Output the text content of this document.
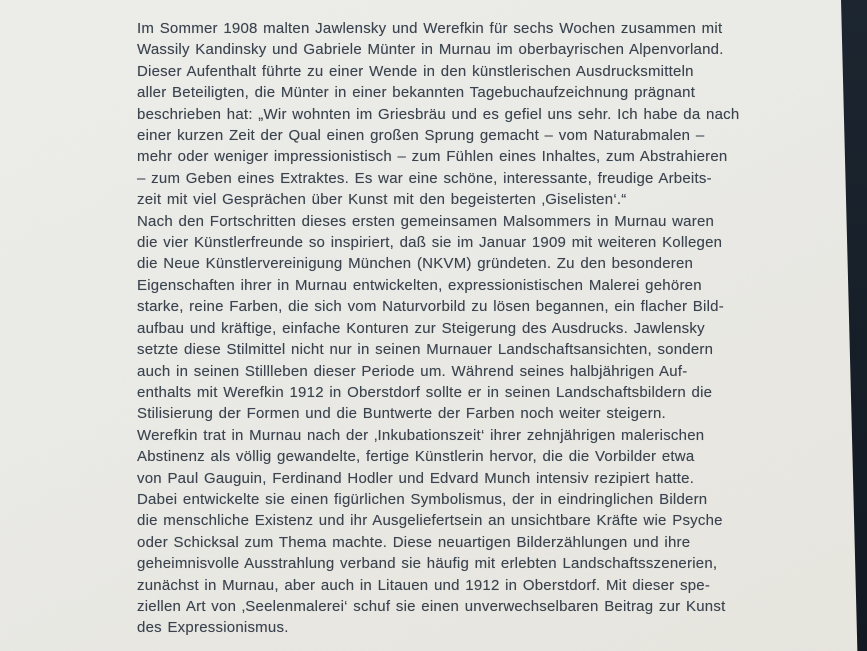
Im Sommer 1908 malten Jawlensky und Werefkin für sechs Wochen zusammen mit
Wassily Kandinsky und Gabriele Münter in Murnau im oberbayrischen Alpenvorland.
Dieser Aufenthalt führte zu einer Wende in den künstlerischen Ausdrucksmitteln
aller Beteiligten, die Münter in einer bekannten Tagebuchaufzeichnung prägnant
beschrieben hat: „Wir wohnten im Griesbräu und es gefiel uns sehr. Ich habe da nach
einer kurzen Zeit der Qual einen großen Sprung gemacht – vom Naturabmalen –
mehr oder weniger impressionistisch – zum Fühlen eines Inhaltes, zum Abstrahieren
– zum Geben eines Extraktes. Es war eine schöne, interessante, freudige Arbeits-
zeit mit viel Gesprächen über Kunst mit den begeisterten ‚Giselisten‘.“
Nach den Fortschritten dieses ersten gemeinsamen Malsommers in Murnau waren
die vier Künstlerfreunde so inspiriert, daß sie im Januar 1909 mit weiteren Kollegen
die Neue Künstlervereinigung München (NKVM) gründeten. Zu den besonderen
Eigenschaften ihrer in Murnau entwickelten, expressionistischen Malerei gehören
starke, reine Farben, die sich vom Naturvorbild zu lösen begannen, ein flacher Bild-
aufbau und kräftige, einfache Konturen zur Steigerung des Ausdrucks. Jawlensky
setzte diese Stilmittel nicht nur in seinen Murnauer Landschaftsansichten, sondern
auch in seinen Stillleben dieser Periode um. Während seines halbjährigen Auf-
enthalts mit Werefkin 1912 in Oberstdorf sollte er in seinen Landschaftsbildern die
Stilisierung der Formen und die Buntwerte der Farben noch weiter steigern.
Werefkin trat in Murnau nach der ‚Inkubationszeit‘ ihrer zehnjährigen malerischen
Abstinenz als völlig gewandelte, fertige Künstlerin hervor, die die Vorbilder etwa
von Paul Gauguin, Ferdinand Hodler und Edvard Munch intensiv rezipiert hatte.
Dabei entwickelte sie einen figürlichen Symbolismus, der in eindringlichen Bildern
die menschliche Existenz und ihr Ausgeliefertsein an unsichtbare Kräfte wie Psyche
oder Schicksal zum Thema machte. Diese neuartigen Bilderzählungen und ihre
geheimnisvolle Ausstrahlung verband sie häufig mit erlebten Landschaftsszenerien,
zunächst in Murnau, aber auch in Litauen und 1912 in Oberstdorf. Mit dieser spe-
ziellen Art von ‚Seelenmalerei‘ schuf sie einen unverwechselbaren Beitrag zur Kunst
des Expressionismus.
